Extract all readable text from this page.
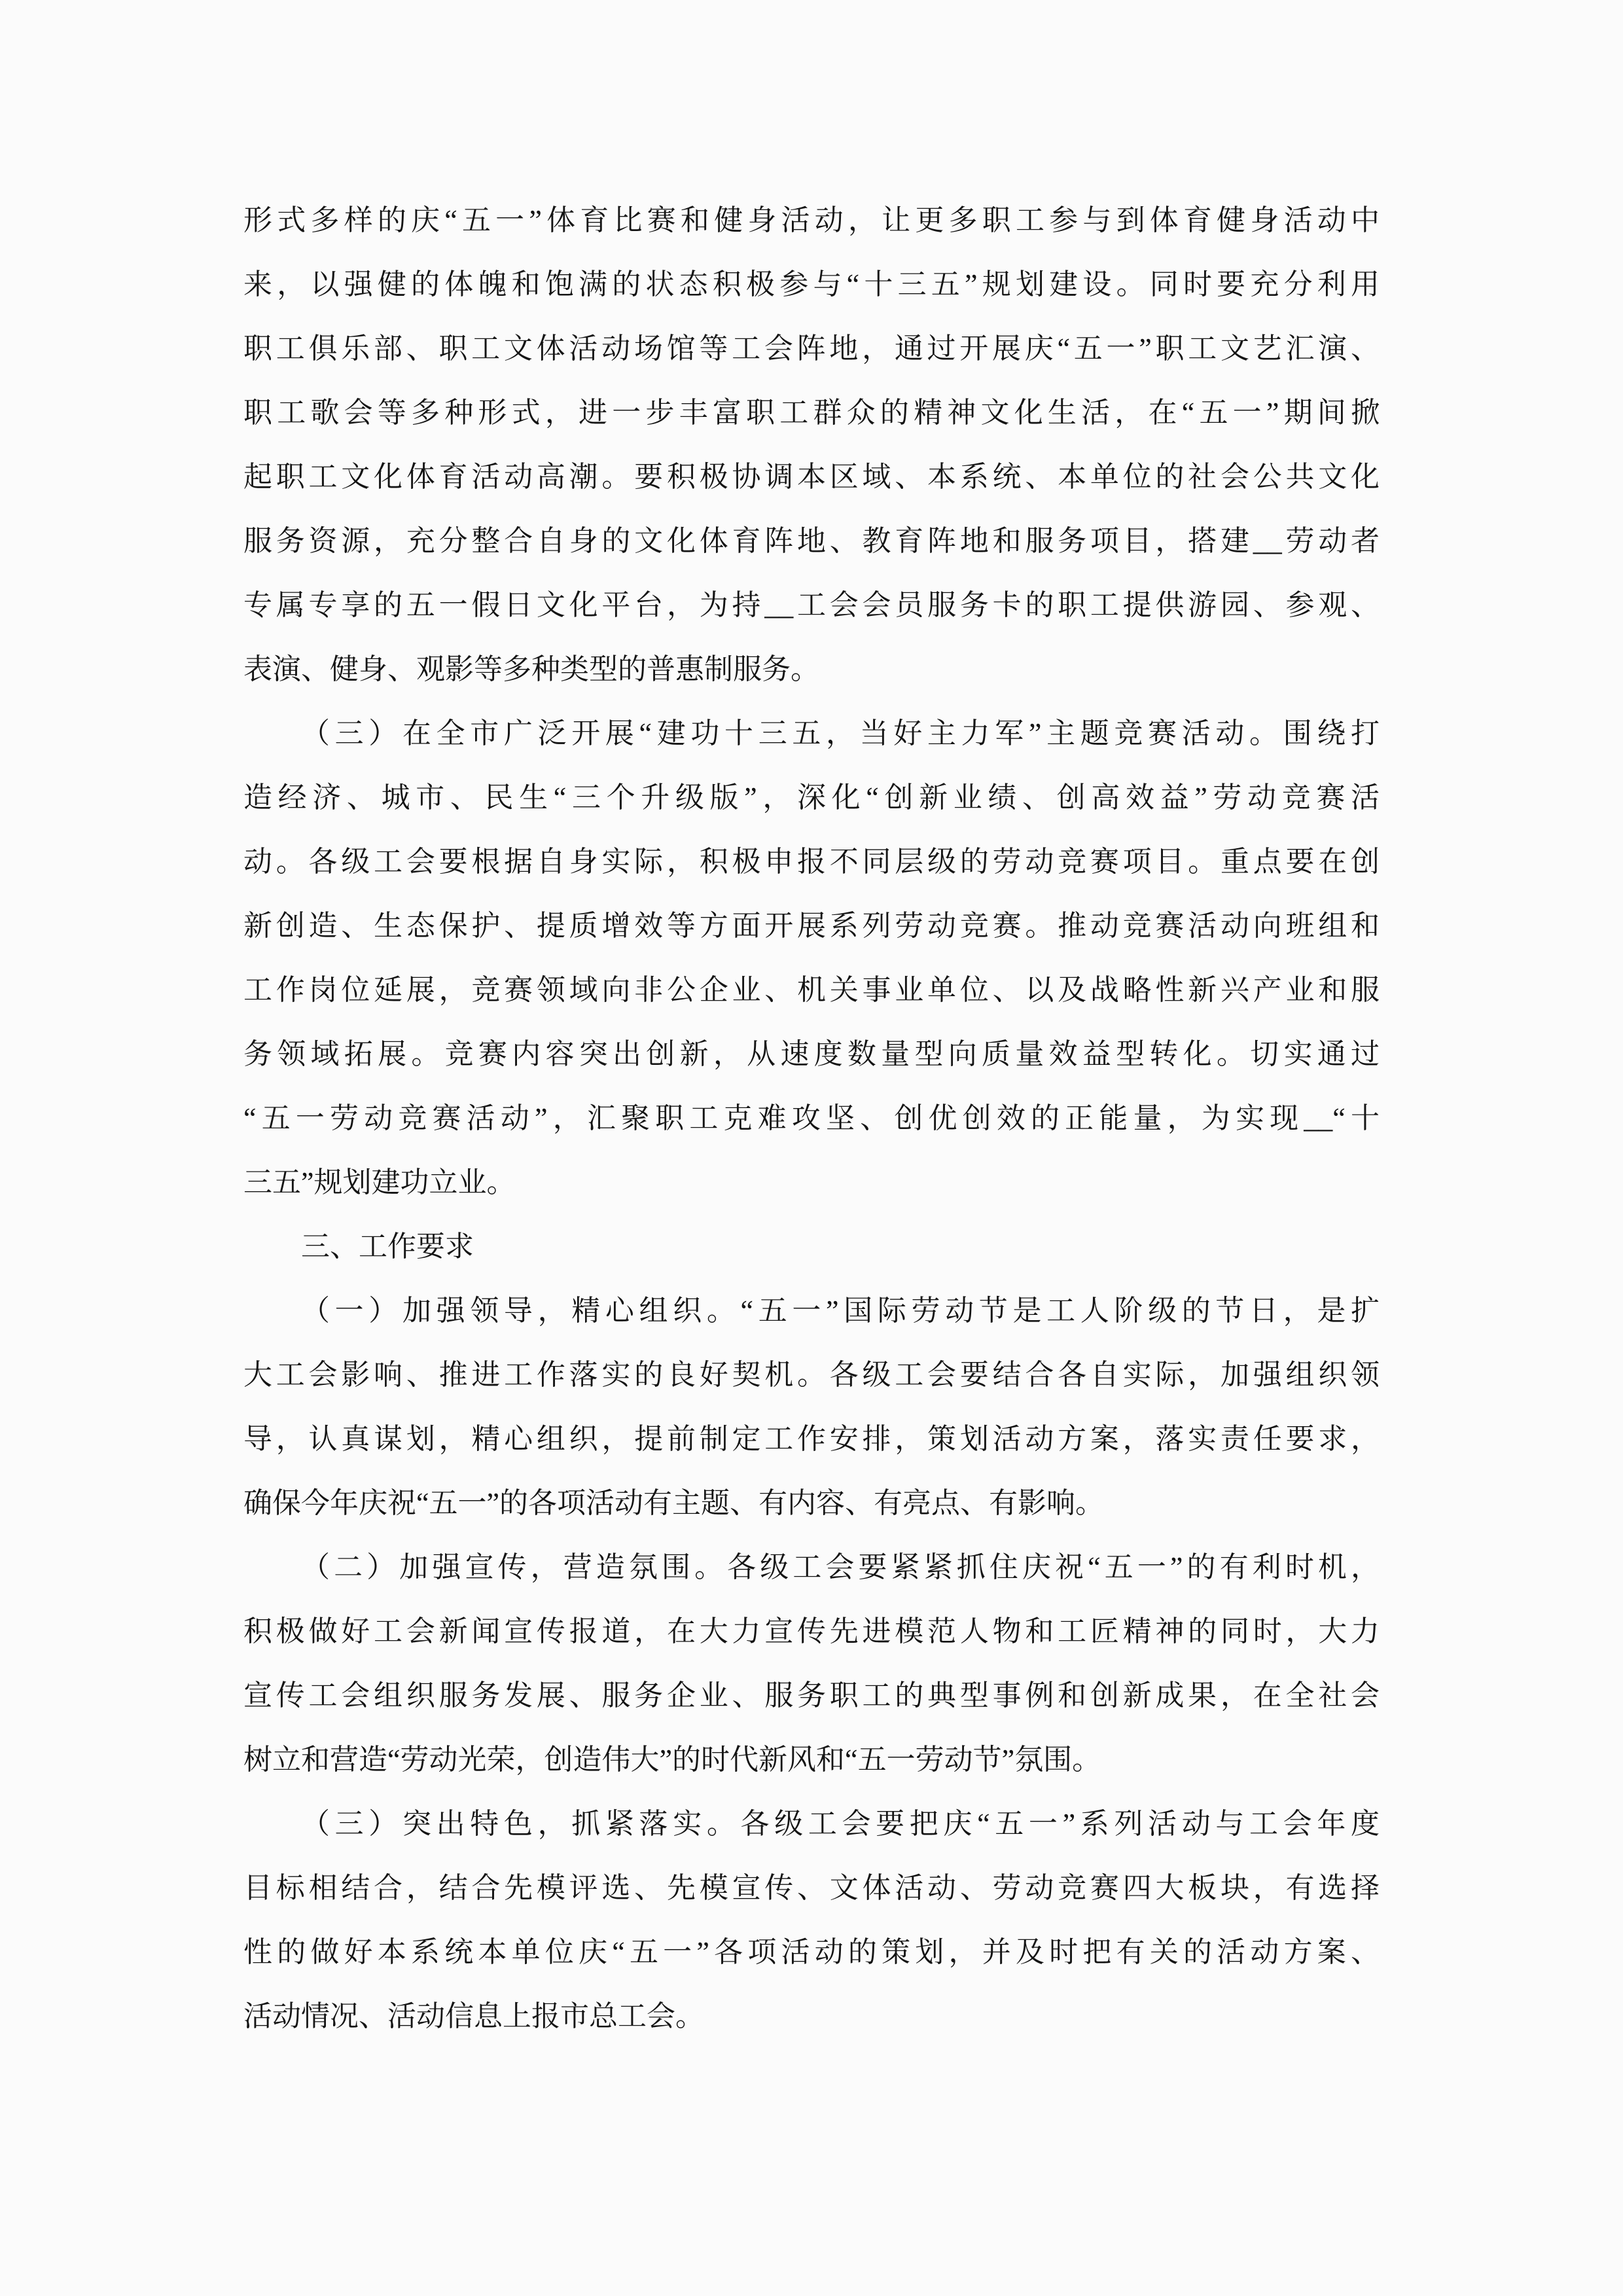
形式多样的庆“五一”体育比赛和健身活动，让更多职工参与到体育健身活动中
来，以强健的体魄和饱满的状态积极参与“十三五”规划建设。同时要充分利用
职工俱乐部、职工文体活动场馆等工会阵地，通过开展庆“五一”职工文艺汇演、
职工歌会等多种形式，进一步丰富职工群众的精神文化生活，在“五一”期间掀
起职工文化体育活动高潮。要积极协调本区域、本系统、本单位的社会公共文化
服务资源，充分整合自身的文化体育阵地、教育阵地和服务项目，搭建__劳动者
专属专享的五一假日文化平台，为持__工会会员服务卡的职工提供游园、参观、
表演、健身、观影等多种类型的普惠制服务。
（三）在全市广泛开展“建功十三五，当好主力军”主题竞赛活动。围绕打
造经济、城市、民生“三个升级版”，深化“创新业绩、创高效益”劳动竞赛活
动。各级工会要根据自身实际，积极申报不同层级的劳动竞赛项目。重点要在创
新创造、生态保护、提质增效等方面开展系列劳动竞赛。推动竞赛活动向班组和
工作岗位延展，竞赛领域向非公企业、机关事业单位、以及战略性新兴产业和服
务领域拓展。竞赛内容突出创新，从速度数量型向质量效益型转化。切实通过
“五一劳动竞赛活动”，汇聚职工克难攻坚、创优创效的正能量，为实现__“十
三五”规划建功立业。
三、工作要求
（一）加强领导，精心组织。“五一”国际劳动节是工人阶级的节日，是扩
大工会影响、推进工作落实的良好契机。各级工会要结合各自实际，加强组织领
导，认真谋划，精心组织，提前制定工作安排，策划活动方案，落实责任要求，
确保今年庆祝“五一”的各项活动有主题、有内容、有亮点、有影响。
（二）加强宣传，营造氛围。各级工会要紧紧抓住庆祝“五一”的有利时机，
积极做好工会新闻宣传报道，在大力宣传先进模范人物和工匠精神的同时，大力
宣传工会组织服务发展、服务企业、服务职工的典型事例和创新成果，在全社会
树立和营造“劳动光荣，创造伟大”的时代新风和“五一劳动节”氛围。
（三）突出特色，抓紧落实。各级工会要把庆“五一”系列活动与工会年度
目标相结合，结合先模评选、先模宣传、文体活动、劳动竞赛四大板块，有选择
性的做好本系统本单位庆“五一”各项活动的策划，并及时把有关的活动方案、
活动情况、活动信息上报市总工会。
